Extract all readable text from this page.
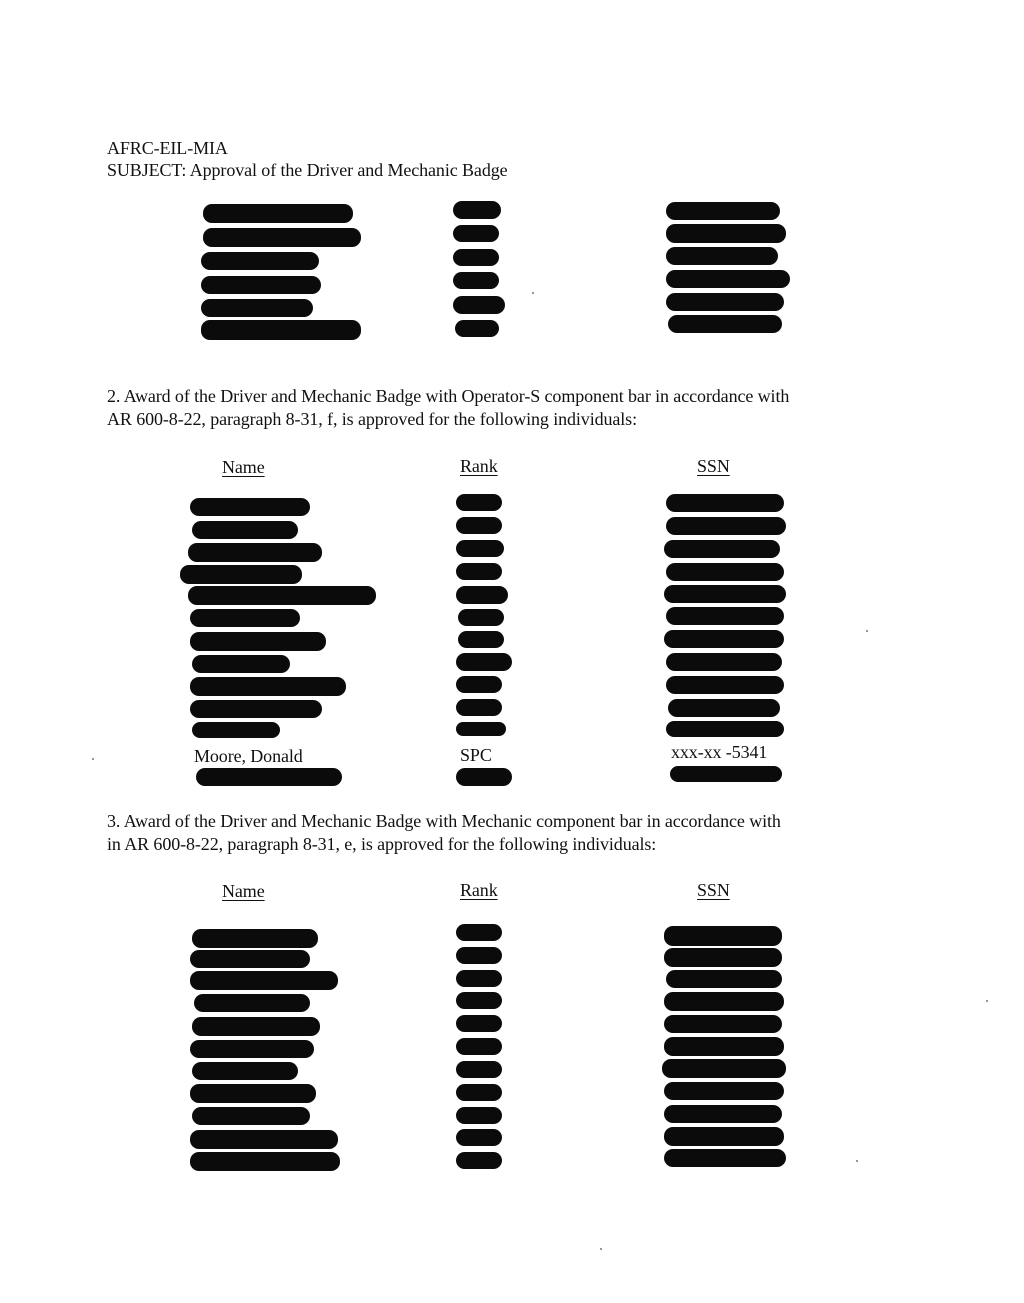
AFRC-EIL-MIA
SUBJECT: Approval of the Driver and Mechanic Badge
2. Award of the Driver and Mechanic Badge with Operator-S component bar in accordance with
AR 600-8-22, paragraph 8-31, f, is approved for the following individuals:
Name	Rank	SSN
Moore, Donald	SPC	xxx-xx -5341
3. Award of the Driver and Mechanic Badge with Mechanic component bar in accordance with
in AR 600-8-22, paragraph 8-31, e, is approved for the following individuals:
Name	Rank	SSN
